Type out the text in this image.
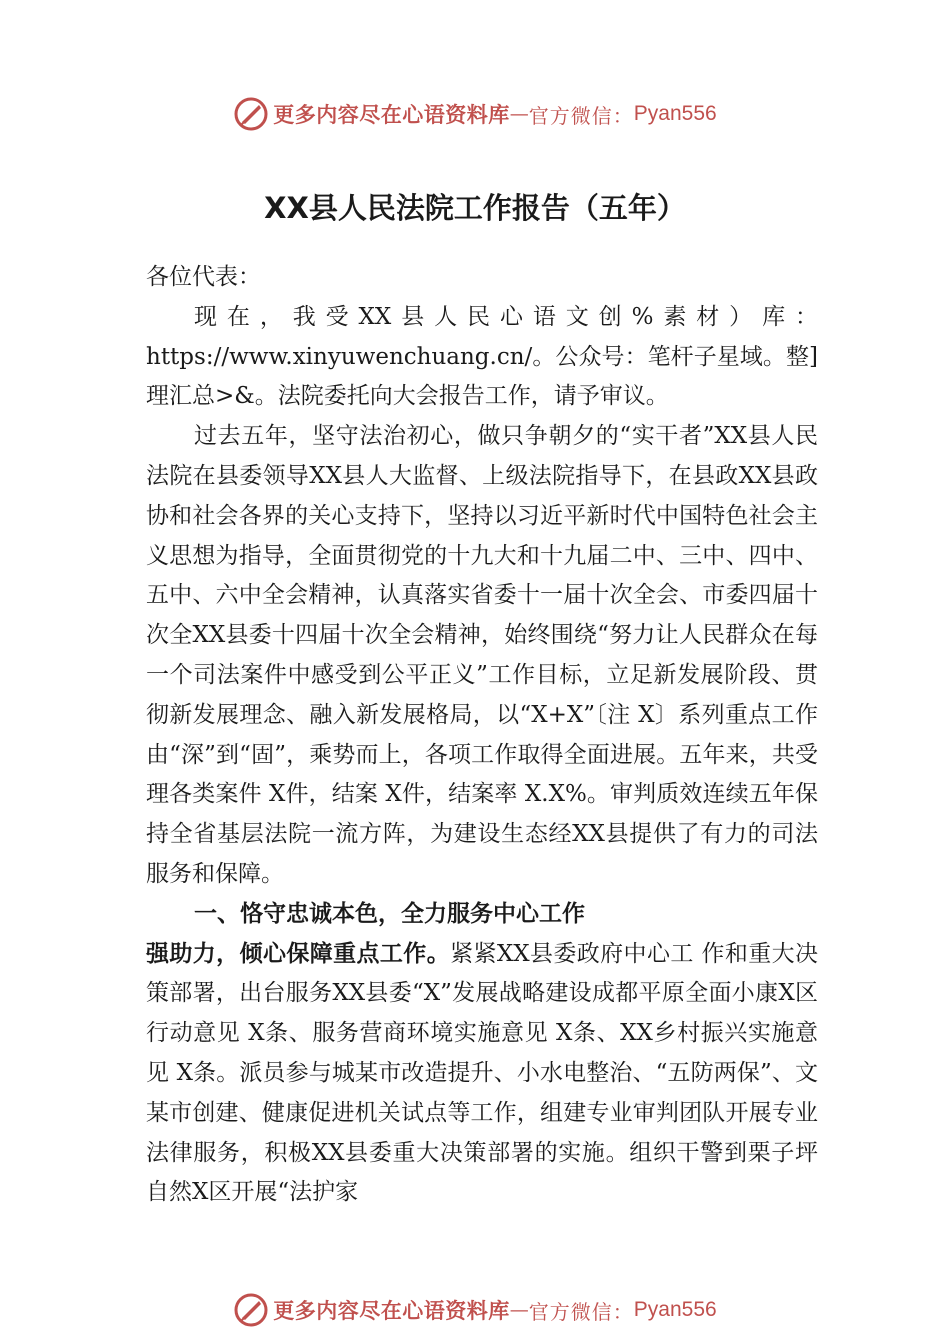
更多内容尽在心语资料库 — 官方微信： Pyan556
XX县人民法院工作报告（五年）

各位代表：

现在，我受XX县人民心语文创%素材）库：https://www.xinyuwenchuang.cn/。公众号：笔杆子星域。整]理汇总>&。法院委托向大会报告工作，请予审议。

过去五年，坚守法治初心，做只争朝夕的“实干者”XX县人民法院在县委领导XX县人大监督、上级法院指导下，在县政XX县政协和社会各界的关心支持下，坚持以习近平新时代中国特色社会主义思想为指导，全面贯彻党的十九大和十九届二中、三中、四中、五中、六中全会精神，认真落实省委十一届十次全会、市委四届十次全XX县委十四届十次全会精神，始终围绕“努力让人民群众在每一个司法案件中感受到公平正义”工作目标，立足新发展阶段、贯彻新发展理念、融入新发展格局，以“X+X”〔注 X〕系列重点工作由“深”到“固”，乘势而上，各项工作取得全面进展。五年来，共受理各类案件 X件，结案 X件，结案率 X.X%。审判质效连续五年保持全省基层法院一流方阵，为建设生态经XX县提供了有力的司法服务和保障。

一、恪守忠诚本色，全力服务中心工作

强助力，倾心保障重点工作。紧紧XX县委政府中心工 作和重大决策部署，出台服务XX县委“X”发展战略建设成都平原全面小康X区行动意见 X条、服务营商环境实施意见 X条、XX乡村振兴实施意见 X条。派员参与城某市改造提升、小水电整治、“五防两保”、文某市创建、健康促进机关试点等工作，组建专业审判团队开展专业法律服务，积极XX县委重大决策部署的实施。组织干警到栗子坪自然X区开展“法护家

更多内容尽在心语资料库 — 官方微信： Pyan556
